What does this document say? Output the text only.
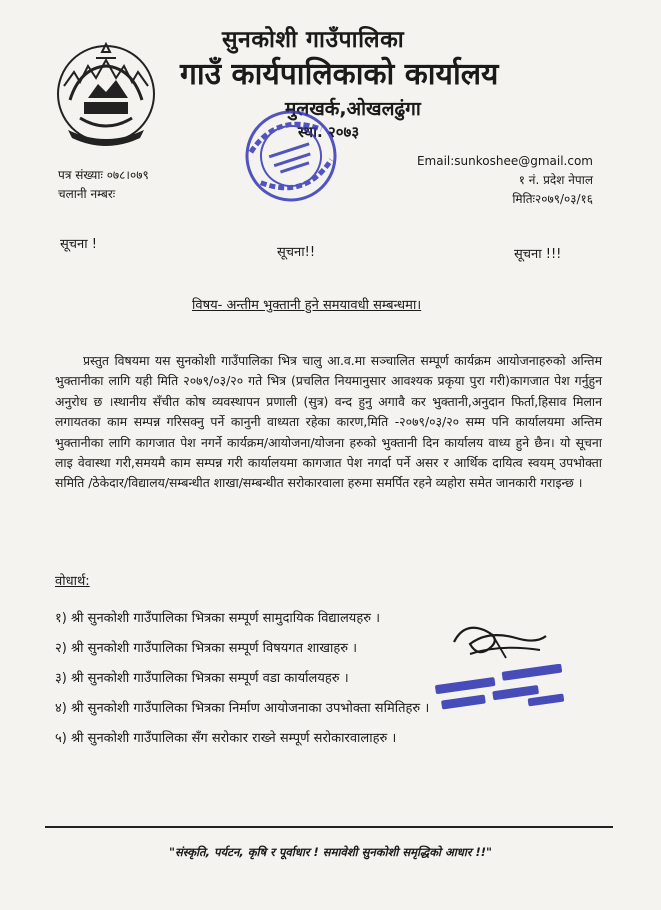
सुनकोशी गाउँपालिका
गाउँ कार्यपालिकाको कार्यालय
मुलखर्क,ओखलढुंगा
स्था. २०७३
पत्र संख्याः ०७८।०७९
चलानी नम्बरः
Email:sunkoshee@gmail.com
१ नं. प्रदेश नेपाल
मितिः२०७९/०३/१६
सूचना !
सूचना!!	सूचना !!!
विषय- अन्तीम भुक्तानी हुने समयावधी सम्बन्धमा।

प्रस्तुत विषयमा यस सुनकोशी गाउँपालिका भित्र चालु आ.व.मा सञ्चालित सम्पूर्ण कार्यक्रम आयोजनाहरुको अन्तिम भुक्तानीका लागि यही मिति २०७९/०३/२० गते भित्र (प्रचलित नियमानुसार आवश्यक प्रकृया पुरा गरी)कागजात पेश गर्नुहुन अनुरोध छ ।स्थानीय सँचीत कोष व्यवस्थापन प्रणाली (सुत्र) वन्द हुनु अगावै कर भुक्तानी,अनुदान फिर्ता,हिसाव मिलान लगायतका काम सम्पन्न गरिसक्नु पर्ने कानुनी वाध्यता रहेका कारण,मिति -२०७९/०३/२० सम्म पनि कार्यालयमा अन्तिम भुक्तानीका लागि कागजात पेश नगर्ने कार्यक्रम/आयोजना/योजना हरुको भुक्तानी दिन कार्यालय वाध्य हुने छैन। यो सूचना लाइ वेवास्था गरी,समयमै काम सम्पन्न गरी कार्यालयमा कागजात पेश नगर्दा पर्ने असर र आर्थिक दायित्व स्वयम् उपभोक्ता समिति /ठेकेदार/विद्यालय/सम्बन्धीत शाखा/सम्बन्धीत सरोकारवाला हरुमा समर्पित रहने व्यहोरा समेत जानकारी गराइन्छ ।

वोधार्थ:
१) श्री सुनकोशी गाउँपालिका भित्रका सम्पूर्ण सामुदायिक विद्यालयहरु ।
२) श्री सुनकोशी गाउँपालिका भित्रका सम्पूर्ण विषयगत शाखाहरु ।
३) श्री सुनकोशी गाउँपालिका भित्रका सम्पूर्ण वडा कार्यालयहरु ।
४) श्री सुनकोशी गाउँपालिका भित्रका निर्माण आयोजनाका उपभोक्ता समितिहरु ।
५) श्री सुनकोशी गाउँपालिका सँग सरोकार राख्ने सम्पूर्ण सरोकारवालाहरु ।
"संस्कृति, पर्यटन, कृषि र पूर्वाधार ! समावेशी सुनकोशी समृद्धिको आधार !!"
